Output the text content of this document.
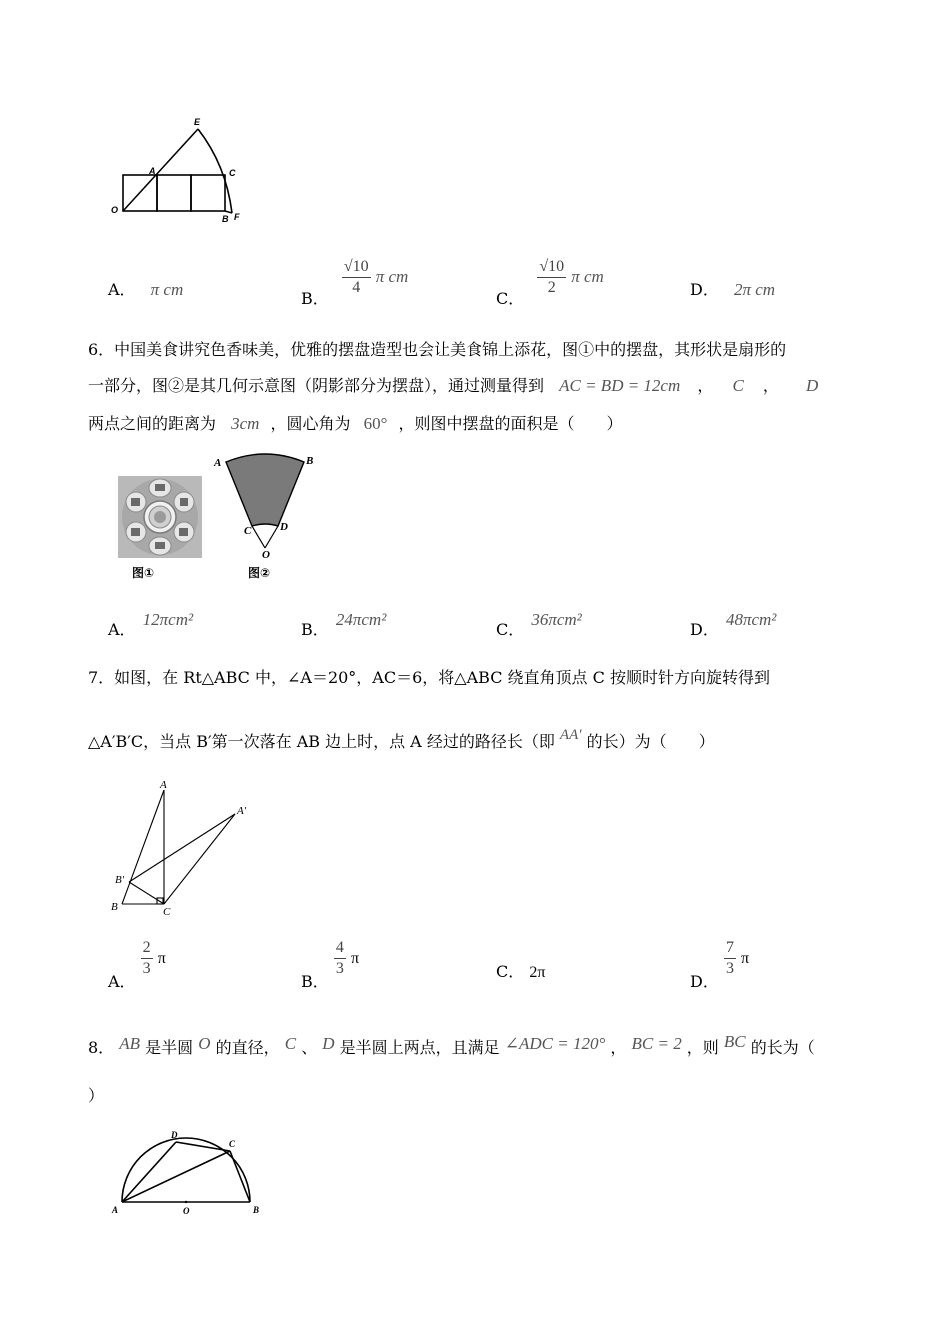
E
A	C
O
B F
A． π cm	B．
$\frac{√10}{4}$ π cm
C．
$\frac{√10}{2}$ π cm
D． 2π cm
6．中国美食讲究色香味美，优雅的摆盘造型也会让美食锦上添花，图①中的摆盘，其形状是扇形的
一部分，图②是其几何示意图（阴影部分为摆盘），通过测量得到 AC = BD = 12cm ， C ， D
两点之间的距离为 3cm ，圆心角为 60° ，则图中摆盘的面积是（　　）
图①
A	B
C	D
O
图②
A． 12πcm²
B． 24πcm²
C． 36πcm²
D． 48πcm²
7．如图，在 Rt△ABC 中，∠A＝20°，AC＝6，将△ABC 绕直角顶点 C 按顺时针方向旋转得到
△A′B′C，当点 B′第一次落在 AB 边上时，点 A 经过的路径长（即 AA′ 的长）为（　　）
A
A′
B′
B	C
A．
$\frac{2}{3}$ π
B．
$\frac{4}{3}$ π
C． 2π	D．
$\frac{7}{3}$ π
8． AB 是半圆 O 的直径， C 、 D 是半圆上两点，且满足 ∠ADC = 120° ， BC = 2 ，则 BC 的长为（
）
D
C
A	O	B
